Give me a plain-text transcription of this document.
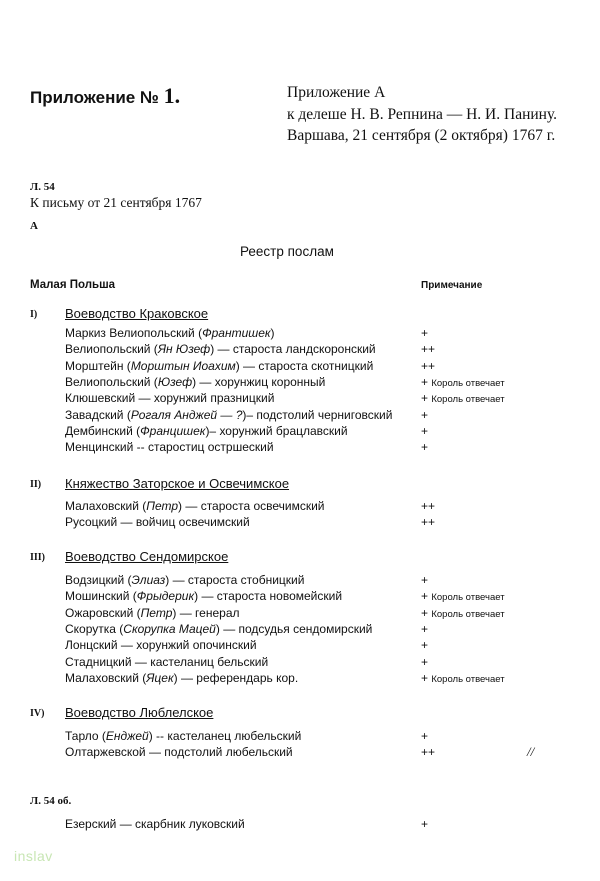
Приложение № 1.	Приложение А
к делеше Н. В. Репнина — Н. И. Панину.
Варшава, 21 сентября (2 октября) 1767 г.
Л. 54
К письму от 21 сентября 1767
А
Реестр послам
Малая Польша	Примечание
I) Воеводство Краковское
Маркиз Велиопольский (Франтишек)	+
Велиопольский (Ян Юзеф) — староста ландскоронский	++
Морштейн (Морштын Иоахим) — староста скотницкий	++
Велиопольский (Юзеф) — хорунжиц коронный	+ Король отвечает
Клюшевский — хорунжий празницкий	+ Король отвечает
Завадский (Рогаля Анджей — ?)– подстолий черниговский +
Дембинский (Францишек)– хорунжий брацлавский	+
Менцинский -- старостиц остршеский	+
II) Княжество Заторское и Освечимское
Малаховский (Петр) — староста освечимский	++
Русоцкий — войчиц освечимский	++
III) Воеводство Сендомирское
Водзицкий (Элиаз) — староста стобницкий	+
Мошинский (Фрыдерик) — староста новомейский	+ Король отвечает
Ожаровский (Петр) — генерал	+ Король отвечает
Скорутка (Скорупка Мацей) — подсудья сендомирский	+
Лонцский — хорунжий опочинский	+
Стадницкий — кастеланиц бельский	+
Малаховский (Яцек) — референдарь кор.	+ Король отвечает
IV) Воеводство Люблелское
Тарло (Енджей) -- кастеланец любельский	+
Олтаржевской — подстолий любельский	++	//
Л. 54 об.
Езерский — скарбник луковский	+
inslav
